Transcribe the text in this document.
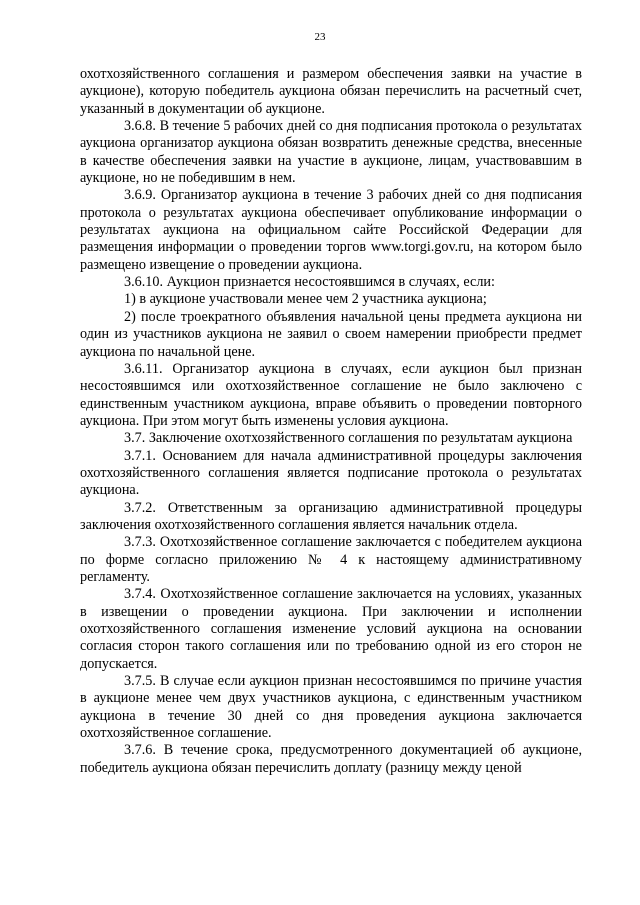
23

охотхозяйственного соглашения и размером обеспечения заявки на участие в аукционе), которую победитель аукциона обязан перечислить на расчетный счет, указанный в документации об аукционе.

3.6.8. В течение 5 рабочих дней со дня подписания протокола о результатах аукциона организатор аукциона обязан возвратить денежные средства, внесенные в качестве обеспечения заявки на участие в аукционе, лицам, участвовавшим в аукционе, но не победившим в нем.

3.6.9. Организатор аукциона в течение 3 рабочих дней со дня подписания протокола о результатах аукциона обеспечивает опубликование информации о результатах аукциона на официальном сайте Российской Федерации для размещения информации о проведении торгов www.torgi.gov.ru, на котором было размещено извещение о проведении аукциона.

3.6.10. Аукцион признается несостоявшимся в случаях, если:

1) в аукционе участвовали менее чем 2 участника аукциона;

2) после троекратного объявления начальной цены предмета аукциона ни один из участников аукциона не заявил о своем намерении приобрести предмет аукциона по начальной цене.

3.6.11. Организатор аукциона в случаях, если аукцион был признан несостоявшимся или охотхозяйственное соглашение не было заключено с единственным участником аукциона, вправе объявить о проведении повторного аукциона. При этом могут быть изменены условия аукциона.

3.7. Заключение охотхозяйственного соглашения по результатам аукциона

3.7.1. Основанием для начала административной процедуры заключения охотхозяйственного соглашения является подписание протокола о результатах аукциона.

3.7.2. Ответственным за организацию административной процедуры заключения охотхозяйственного соглашения является начальник отдела.

3.7.3. Охотхозяйственное соглашение заключается с победителем аукциона по форме согласно приложению № 4 к настоящему административному регламенту.

3.7.4. Охотхозяйственное соглашение заключается на условиях, указанных в извещении о проведении аукциона. При заключении и исполнении охотхозяйственного соглашения изменение условий аукциона на основании согласия сторон такого соглашения или по требованию одной из его сторон не допускается.

3.7.5. В случае если аукцион признан несостоявшимся по причине участия в аукционе менее чем двух участников аукциона, с единственным участником аукциона в течение 30 дней со дня проведения аукциона заключается охотхозяйственное соглашение.

3.7.6. В течение срока, предусмотренного документацией об аукционе, победитель аукциона обязан перечислить доплату (разницу между ценой
